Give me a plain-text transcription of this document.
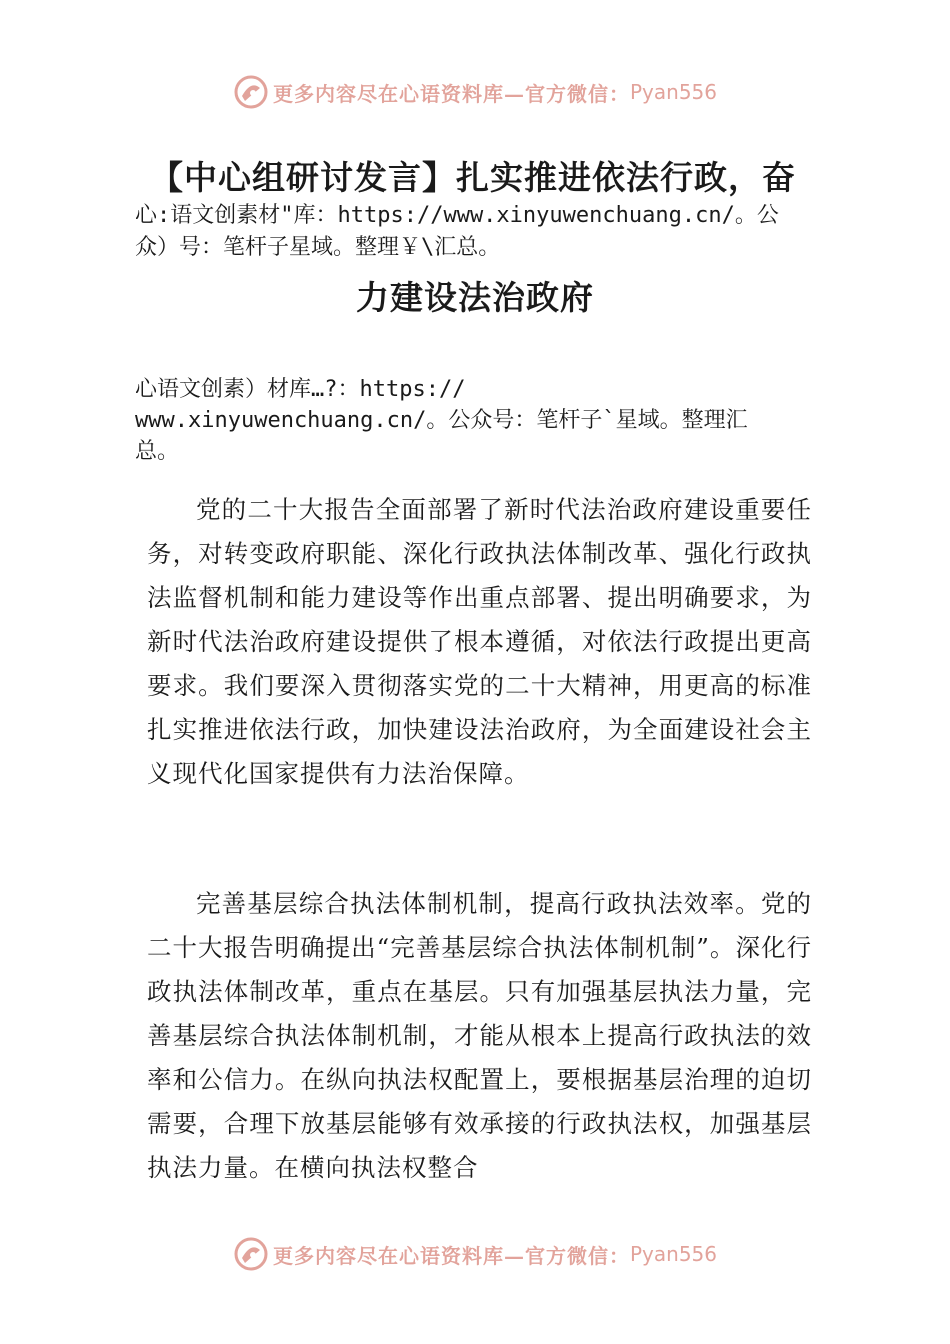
更多内容尽在心语资料库—官方微信： Pyan556
【中心组研讨发言】扎实推进依法行政，奋
心:语文创素材"库：https://www.xinyuwenchuang.cn/。公
众）号：笔杆子星域。整理￥\汇总。
力建设法治政府
心语文创素）材库…?：https://
www.xinyuwenchuang.cn/。公众号：笔杆子`星域。整理汇
总。

党的二十大报告全面部署了新时代法治政府建设重要任务，对转变政府职能、深化行政执法体制改革、强化行政执法监督机制和能力建设等作出重点部署、提出明确要求，为新时代法治政府建设提供了根本遵循，对依法行政提出更高要求。我们要深入贯彻落实党的二十大精神，用更高的标准扎实推进依法行政，加快建设法治政府，为全面建设社会主义现代化国家提供有力法治保障。

完善基层综合执法体制机制，提高行政执法效率。党的二十大报告明确提出“完善基层综合执法体制机制”。深化行政执法体制改革，重点在基层。只有加强基层执法力量，完善基层综合执法体制机制，才能从根本上提高行政执法的效率和公信力。在纵向执法权配置上，要根据基层治理的迫切需要，合理下放基层能够有效承接的行政执法权，加强基层执法力量。在横向执法权整合

更多内容尽在心语资料库—官方微信： Pyan556
